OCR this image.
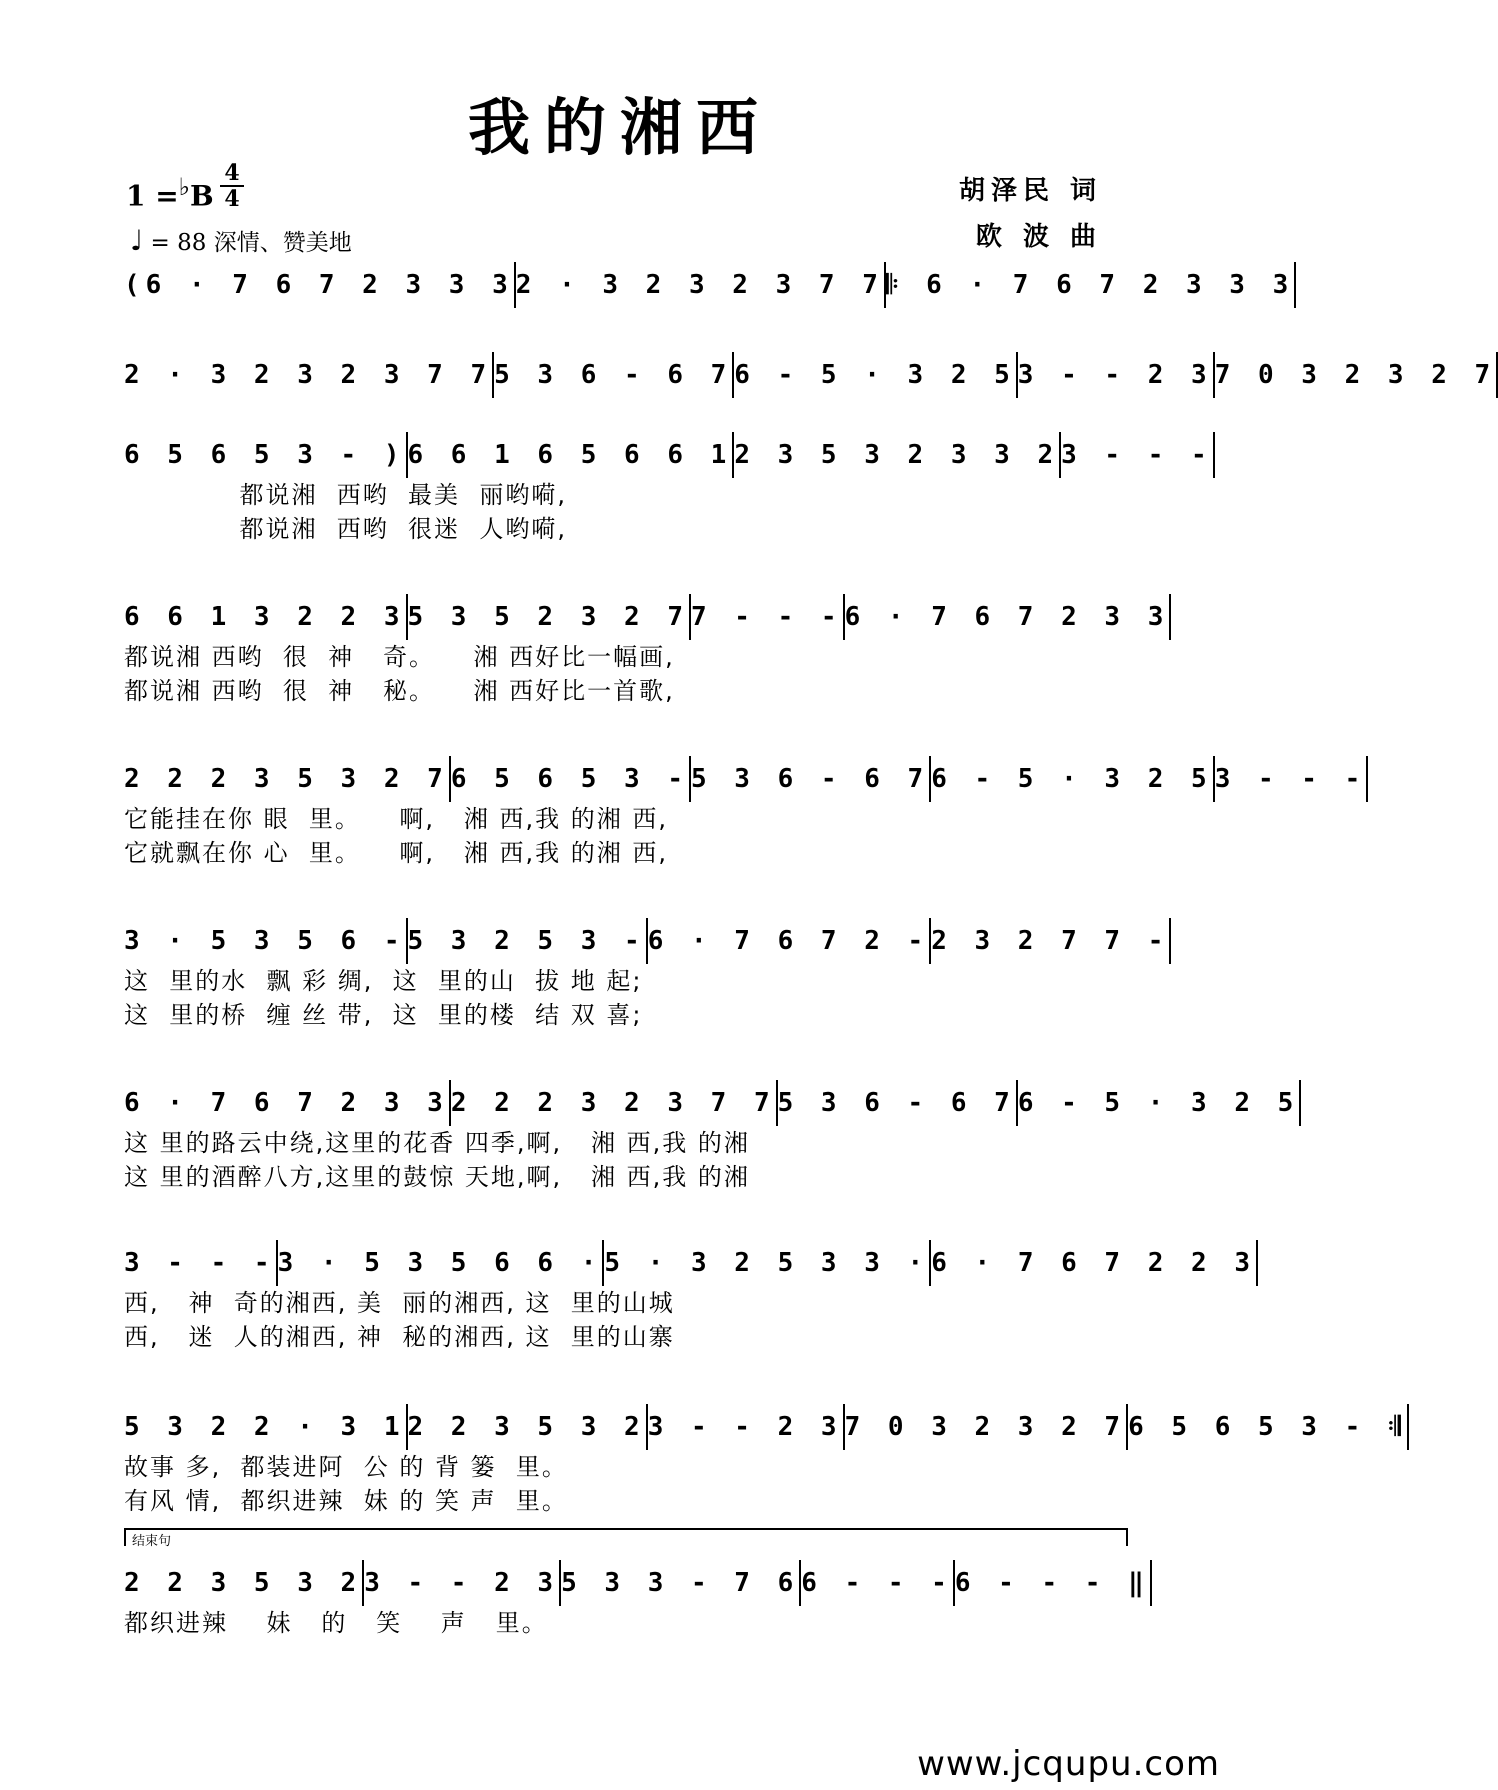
我的湘西
胡泽民 词
欧 波 曲
1 =♭B
4
4
♩ = 88 深情、赞美地
(6 · 7 6 7 2 3 3 3 2 · 3 2 3 2 3 7 7 𝄆 6 · 7 6 7 2 3 3 3
2 · 3 2 3 2 3 7 7 5 3 6 - 6 7 6 - 5 · 3 2 5 3 - - 2 3 7 0 3 2 3 2 7
6 5 6 5 3 - ) 6 6 1 6 5 6 6 1 2 3 5 3 2 3 3 2 3 - - -
都说湘  西哟  最美  丽哟嗬,
都说湘  西哟  很迷  人哟嗬,
6 6 1 3 2 2 3 5 3 5 2 3 2 7 7 - - - 6 · 7 6 7 2 3 3
都说湘 西哟  很  神   奇。    湘 西好比一幅画,
都说湘 西哟  很  神   秘。    湘 西好比一首歌,
2 2 2 3 5 3 2 7 6 5 6 5 3 - 5 3 6 - 6 7 6 - 5 · 3 2 5 3 - - -
它能挂在你 眼  里。    啊,   湘 西,我 的湘 西,
它就飘在你 心  里。    啊,   湘 西,我 的湘 西,
3 · 5 3 5 6 - 5 3 2 5 3 - 6 · 7 6 7 2 - 2 3 2 7 7 -
这  里的水  飘 彩 绸,  这  里的山  拔 地 起;
这  里的桥  缠 丝 带,  这  里的楼  结 双 喜;
6 · 7 6 7 2 3 3 2 2 2 3 2 3 7 7 5 3 6 - 6 7 6 - 5 · 3 2 5
这 里的路云中绕,这里的花香 四季,啊,   湘 西,我 的湘
这 里的酒醉八方,这里的鼓惊 天地,啊,   湘 西,我 的湘
3 - - - 3 · 5 3 5 6 6 · 5 · 3 2 5 3 3 · 6 · 7 6 7 2 2 3
西,   神  奇的湘西, 美  丽的湘西, 这  里的山城
西,   迷  人的湘西, 神  秘的湘西, 这  里的山寨
5 3 2 2 · 3 1 2 2 3 5 3 2 3 - - 2 3 7 0 3 2 3 2 7 6 5 6 5 3 - 𝄇
故事 多,  都装进阿  公 的 背 篓  里。
有风 情,  都织进辣  妹 的 笑 声  里。
2 2 3 5 3 2 3 - - 2 3 5 3 3 - 7 6 6 - - - 6 - - - ‖
都织进辣    妹   的   笑    声   里。
结束句
www.jcqupu.com
